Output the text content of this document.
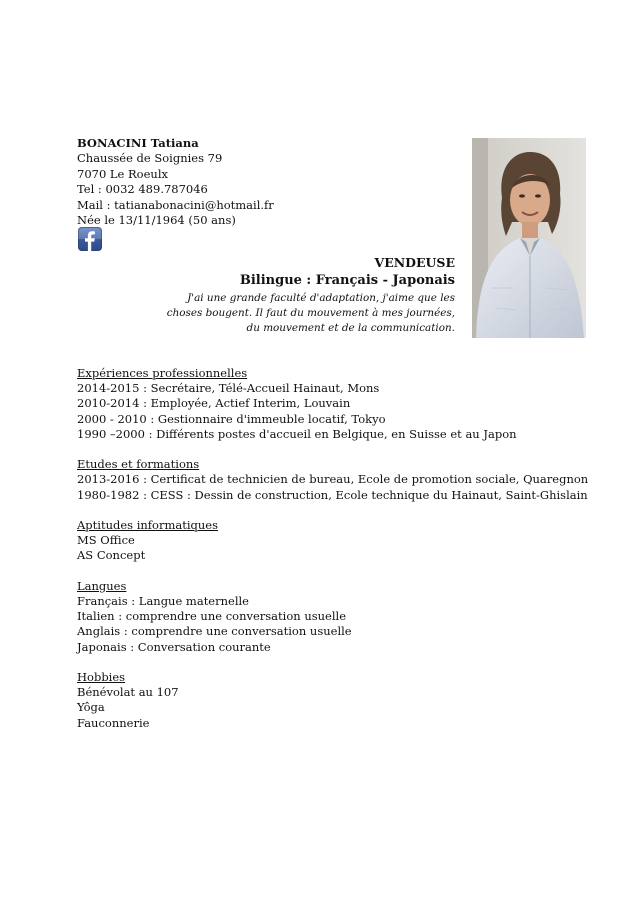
BONACINI Tatiana
Chaussée de Soignies 79
7070 Le Roeulx
Tel : 0032 489.787046
Mail : tatianabonacini@hotmail.fr
Née le 13/11/1964 (50 ans)
VENDEUSE
Bilingue : Français - Japonais
J'ai une grande faculté d'adaptation, j'aime que les
choses bougent. Il faut du mouvement à mes journées,
du mouvement et de la communication.
Expériences professionnelles
2014-2015 : Secrétaire, Télé-Accueil Hainaut, Mons
2010-2014 : Employée, Actief Interim, Louvain
2000 - 2010 : Gestionnaire d'immeuble locatif, Tokyo
1990 –2000 : Différents postes d'accueil en Belgique, en Suisse et au Japon
Etudes et formations
2013-2016 : Certificat de technicien de bureau, Ecole de promotion sociale, Quaregnon
1980-1982 : CESS : Dessin de construction, Ecole technique du Hainaut, Saint-Ghislain
Aptitudes informatiques
MS Office
AS Concept
Langues
Français : Langue maternelle
Italien : comprendre une conversation usuelle
Anglais : comprendre une conversation usuelle
Japonais : Conversation courante
Hobbies
Bénévolat au 107
Yôga
Fauconnerie
